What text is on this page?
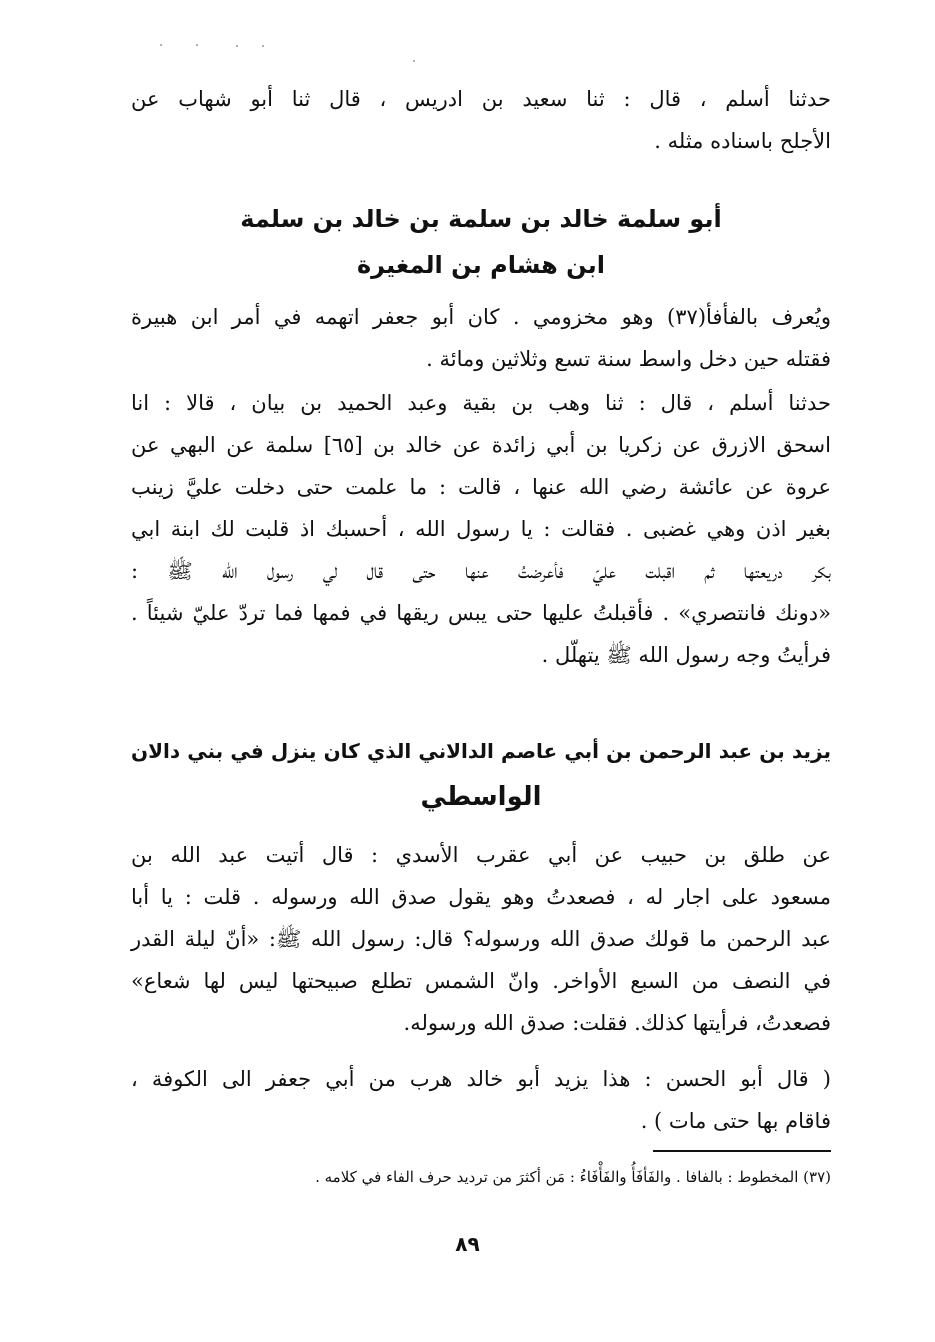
حدثنا أسلم ، قال : ثنا سعيد بن ادريس ، قال ثنا أبو شهاب عن
الأجلح باسناده مثله .
أبو سلمة خالد بن سلمة بن خالد بن سلمة
ابن هشام بن المغيرة
ويُعرف بالفأفأ(٣٧) وهو مخزومي . كان أبو جعفر اتهمه في أمر ابن هبيرة
فقتله حين دخل واسط سنة تسع وثلاثين ومائة .
حدثنا أسلم ، قال : ثنا وهب بن بقية وعبد الحميد بن بيان ، قالا : انا
اسحق الازرق عن زكريا بن أبي زائدة عن خالد بن [٦٥] سلمة عن البهي عن
عروة عن عائشة رضي الله عنها ، قالت : ما علمت حتى دخلت عليَّ زينب
بغير اذن وهي غضبى . فقالت : يا رسول الله ، أحسبك اذ قلبت لك ابنة ابي
بكر دريعتها ثم اقبلت عليّ فأعرضتُ عنها حتى قال لي رسول الله ﷺ :
«دونك فانتصري» . فأقبلتُ عليها حتى يبس ريقها في فمها فما تردّ عليّ شيئاً .
فرأيتُ وجه رسول الله ﷺ يتهلّل .
يزيد بن عبد الرحمن بن أبي عاصم الدالاني الذي كان ينزل في بني دالان
الواسطي
عن طلق بن حبيب عن أبي عقرب الأسدي : قال أتيت عبد الله بن
مسعود على اجار له ، فصعدتُ وهو يقول صدق الله ورسوله . قلت : يا أبا
عبد الرحمن ما قولك صدق الله ورسوله؟ قال: رسول الله ﷺ: «أنّ ليلة القدر
في النصف من السبع الأواخر. وانّ الشمس تطلع صبيحتها ليس لها شعاع»
فصعدتُ، فرأيتها كذلك. فقلت: صدق الله ورسوله.
( قال أبو الحسن : هذا يزيد أبو خالد هرب من أبي جعفر الى الكوفة ،
فاقام بها حتى مات ) .
(٣٧) المخطوط : بالفافا . والفَأفَأُ والفَأْفَاءُ : مَن أكثرَ من ترديد حرف الفاء في كلامه .
٨٩
